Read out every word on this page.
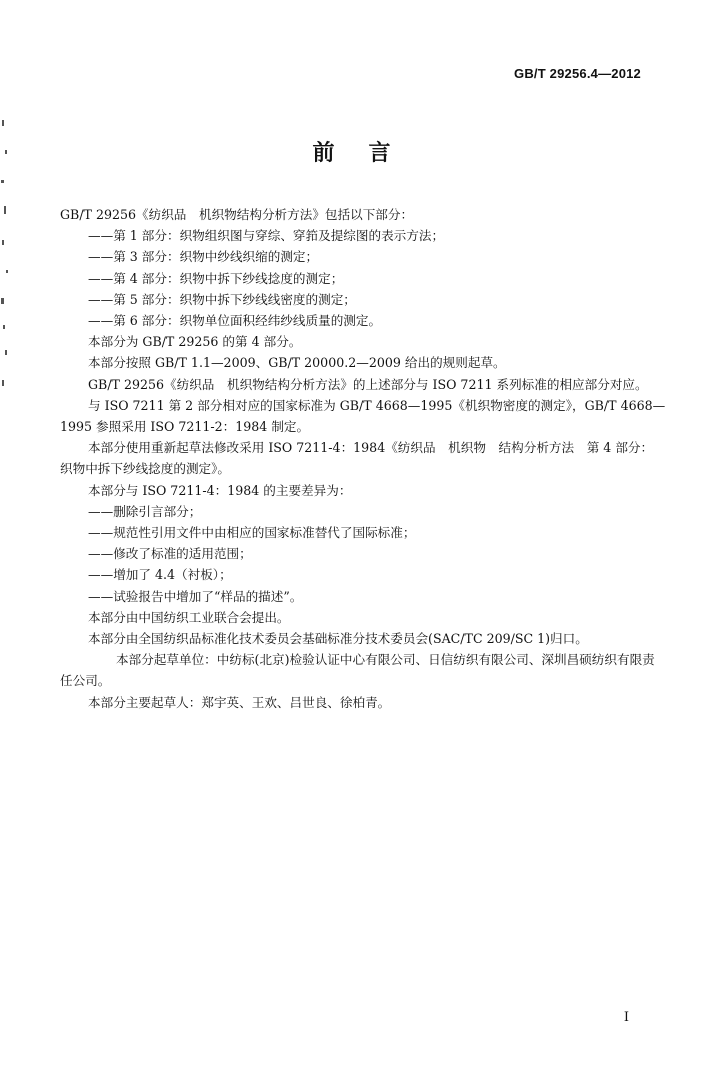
GB/T 29256.4—2012
前言

GB/T 29256《纺织品　机织物结构分析方法》包括以下部分：

——第 1 部分：织物组织图与穿综、穿筘及提综图的表示方法；

——第 3 部分：织物中纱线织缩的测定；

——第 4 部分：织物中拆下纱线捻度的测定；

——第 5 部分：织物中拆下纱线线密度的测定；

——第 6 部分：织物单位面积经纬纱线质量的测定。

本部分为 GB/T 29256 的第 4 部分。

本部分按照 GB/T 1.1—2009、GB/T 20000.2—2009 给出的规则起草。

GB/T 29256《纺织品　机织物结构分析方法》的上述部分与 ISO 7211 系列标准的相应部分对应。

与 ISO 7211 第 2 部分相对应的国家标准为 GB/T 4668—1995《机织物密度的测定》，GB/T 4668—

1995 参照采用 ISO 7211-2：1984 制定。

本部分使用重新起草法修改采用 ISO 7211-4：1984《纺织品　机织物　结构分析方法　第 4 部分：

织物中拆下纱线捻度的测定》。

本部分与 ISO 7211-4：1984 的主要差异为：

——删除引言部分；

——规范性引用文件中由相应的国家标准替代了国际标准；

——修改了标准的适用范围；

——增加了 4.4（衬板）；

——试验报告中增加了“样品的描述”。

本部分由中国纺织工业联合会提出。

本部分由全国纺织品标准化技术委员会基础标准分技术委员会(SAC/TC 209/SC 1)归口。

本部分起草单位：中纺标(北京)检验认证中心有限公司、日信纺织有限公司、深圳昌硕纺织有限责

任公司。

本部分主要起草人：郑宇英、王欢、吕世良、徐柏青。

I
